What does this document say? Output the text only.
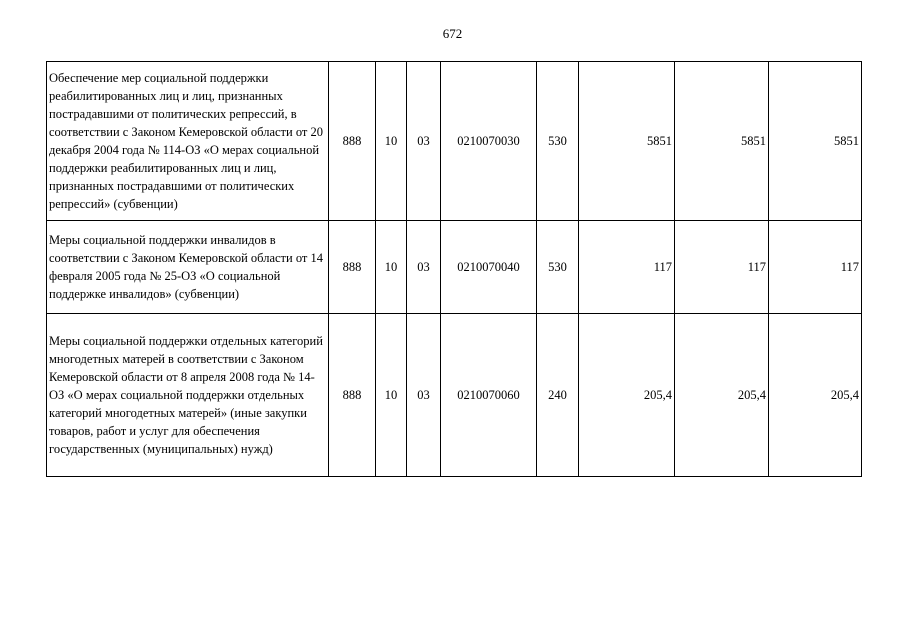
672
Обеспечение мер социальной поддержки реабилитированных лиц и лиц, признанных пострадавшими от политических репрессий, в соответствии с Законом Кемеровской области от 20 декабря 2004 года № 114-ОЗ «О мерах социальной поддержки реабилитированных лиц и лиц, признанных пострадавшими от политических репрессий» (субвенции)	888	10	03	0210070030	530	5851	5851	5851
Меры социальной поддержки инвалидов в соответствии с Законом Кемеровской области от 14 февраля 2005 года № 25-ОЗ «О социальной поддержке инвалидов» (субвенции)	888	10	03	0210070040	530	117	117	117
Меры социальной поддержки отдельных категорий многодетных матерей в соответствии с Законом Кемеровской области от 8 апреля 2008 года № 14-ОЗ «О мерах социальной поддержки отдельных категорий многодетных матерей» (иные закупки товаров, работ и услуг для обеспечения государственных (муниципальных) нужд)	888	10	03	0210070060	240	205,4	205,4	205,4
